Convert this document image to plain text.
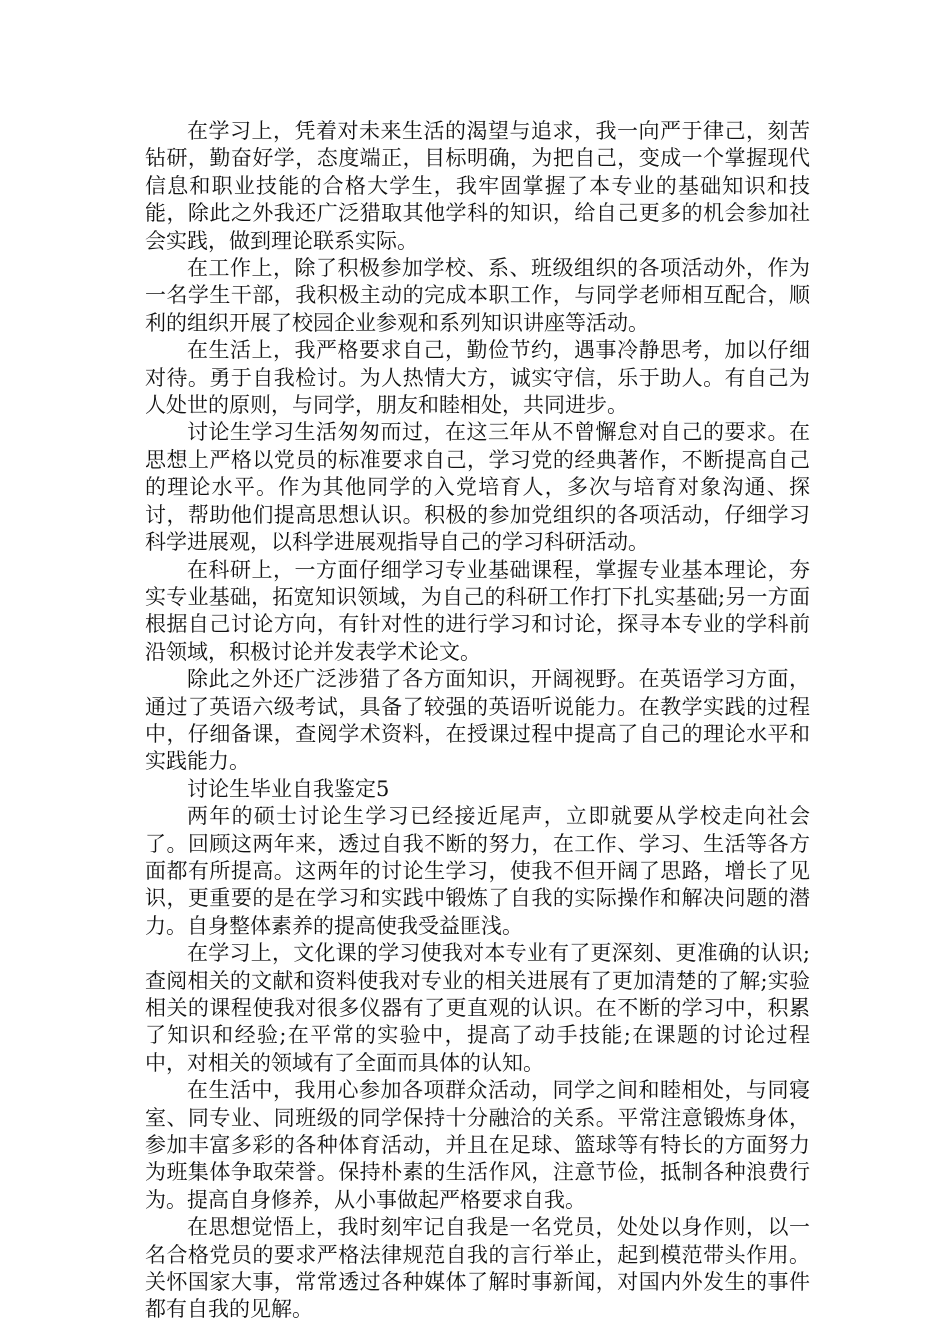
在学习上，凭着对未来生活的渴望与追求，我一向严于律己，刻苦钻研，勤奋好学，态度端正，目标明确，为把自己，变成一个掌握现代信息和职业技能的合格大学生，我牢固掌握了本专业的基础知识和技能，除此之外我还广泛猎取其他学科的知识，给自己更多的机会参加社会实践，做到理论联系实际。

在工作上，除了积极参加学校、系、班级组织的各项活动外，作为一名学生干部，我积极主动的完成本职工作，与同学老师相互配合，顺利的组织开展了校园企业参观和系列知识讲座等活动。

在生活上，我严格要求自己，勤俭节约，遇事冷静思考，加以仔细对待。勇于自我检讨。为人热情大方，诚实守信，乐于助人。有自己为人处世的原则，与同学，朋友和睦相处，共同进步。

讨论生学习生活匆匆而过，在这三年从不曾懈怠对自己的要求。在思想上严格以党员的标准要求自己，学习党的经典著作，不断提高自己的理论水平。作为其他同学的入党培育人，多次与培育对象沟通、探讨，帮助他们提高思想认识。积极的参加党组织的各项活动，仔细学习科学进展观，以科学进展观指导自己的学习科研活动。

在科研上，一方面仔细学习专业基础课程，掌握专业基本理论，夯实专业基础，拓宽知识领域，为自己的科研工作打下扎实基础;另一方面根据自己讨论方向，有针对性的进行学习和讨论，探寻本专业的学科前沿领域，积极讨论并发表学术论文。

除此之外还广泛涉猎了各方面知识，开阔视野。在英语学习方面，通过了英语六级考试，具备了较强的英语听说能力。在教学实践的过程中，仔细备课，查阅学术资料，在授课过程中提高了自己的理论水平和实践能力。

讨论生毕业自我鉴定5

两年的硕士讨论生学习已经接近尾声，立即就要从学校走向社会了。回顾这两年来，透过自我不断的努力，在工作、学习、生活等各方面都有所提高。这两年的讨论生学习，使我不但开阔了思路，增长了见识，更重要的是在学习和实践中锻炼了自我的实际操作和解决问题的潜力。自身整体素养的提高使我受益匪浅。

在学习上，文化课的学习使我对本专业有了更深刻、更准确的认识;查阅相关的文献和资料使我对专业的相关进展有了更加清楚的了解;实验相关的课程使我对很多仪器有了更直观的认识。在不断的学习中，积累了知识和经验;在平常的实验中，提高了动手技能;在课题的讨论过程中，对相关的领域有了全面而具体的认知。

在生活中，我用心参加各项群众活动，同学之间和睦相处，与同寝室、同专业、同班级的同学保持十分融洽的关系。平常注意锻炼身体，参加丰富多彩的各种体育活动，并且在足球、篮球等有特长的方面努力为班集体争取荣誉。保持朴素的生活作风，注意节俭，抵制各种浪费行为。提高自身修养，从小事做起严格要求自我。

在思想觉悟上，我时刻牢记自我是一名党员，处处以身作则，以一名合格党员的要求严格法律规范自我的言行举止，起到模范带头作用。关怀国家大事，常常透过各种媒体了解时事新闻，对国内外发生的事件都有自我的见解。
